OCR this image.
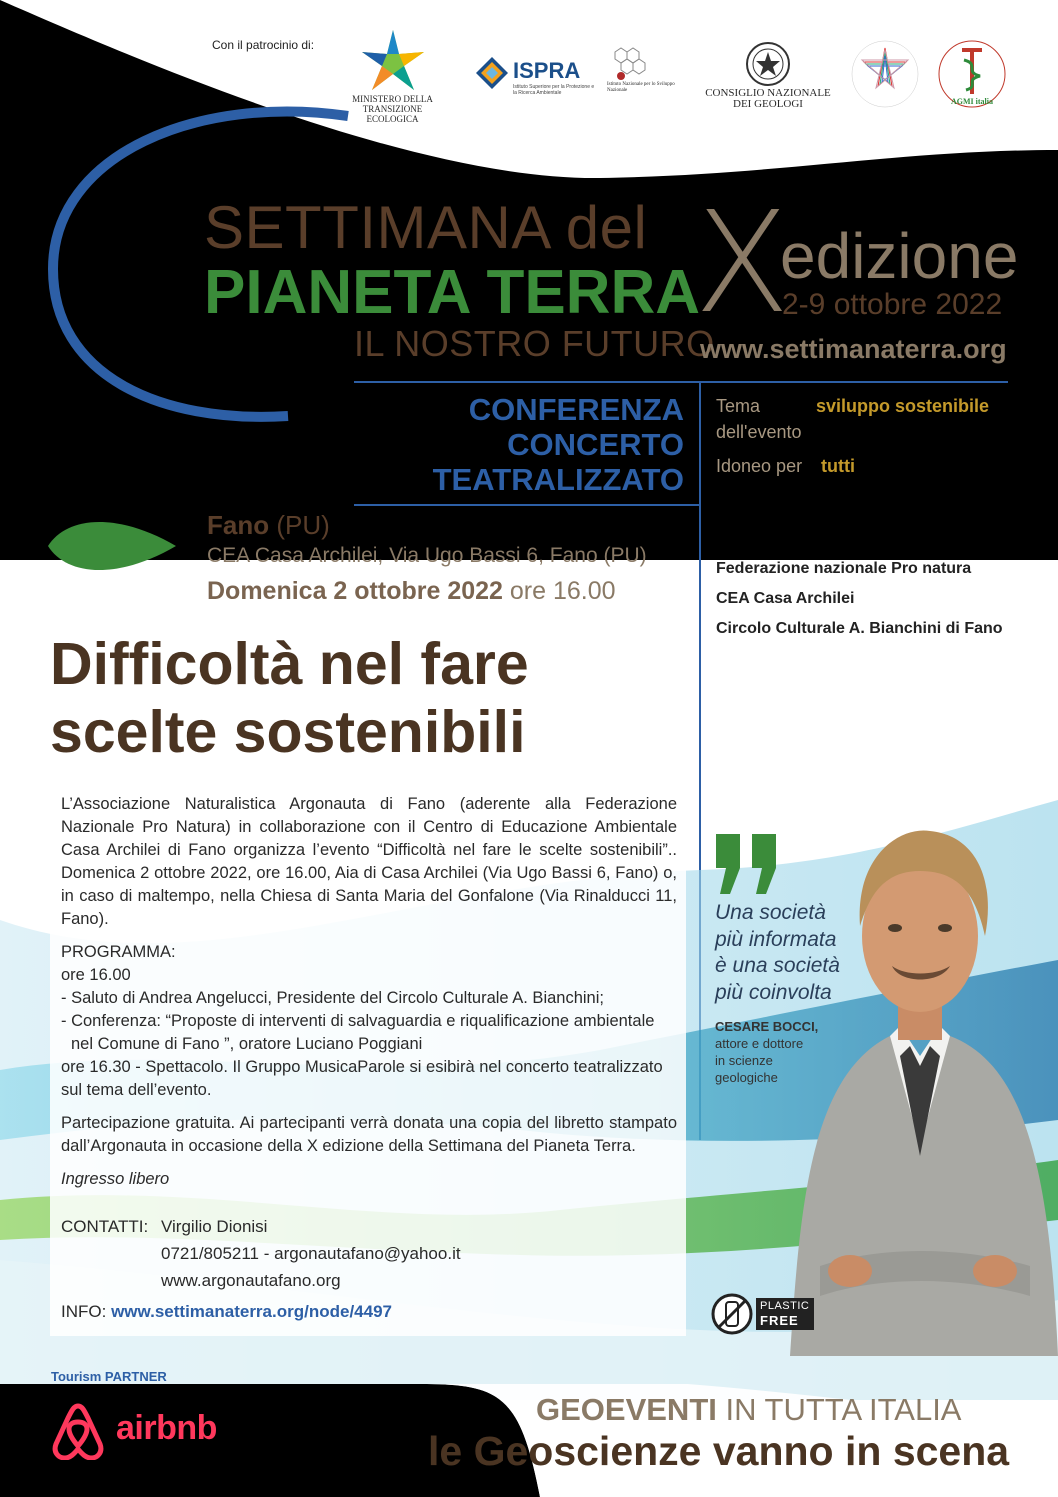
Con il patrocinio di:
MINISTERO DELLA
TRANSIZIONE ECOLOGICA
ISPRA
Istituto Superiore per la Protezione e la Ricerca Ambientale
Istituto Nazionale per lo Sviluppo Nazionale	CONSIGLIO NAZIONALE
DEI GEOLOGI	AGMI italia
SETTIMANA del
PIANETA TERRA
IL NOSTRO FUTURO
X
edizione
2-9 ottobre 2022
www.settimanaterra.org
CONFERENZA
CONCERTO
TEATRALIZZATO
Tema dell'evento sviluppo sostenibile
Idoneo per tutti
Fano (PU)
CEA Casa Archilei, Via Ugo Bassi 6, Fano (PU)
Domenica 2 ottobre 2022 ore 16.00
Federazione nazionale Pro natura
CEA Casa Archilei
Circolo Culturale A. Bianchini di Fano
Difficoltà nel fare
scelte sostenibili

L’Associazione Naturalistica Argonauta di Fano (aderente alla Federazione Nazionale Pro Natura) in collaborazione con il Centro di Educazione Ambientale Casa Archilei di Fano organizza l’evento “Difficoltà nel fare le scelte sostenibili”.. Domenica 2 ottobre 2022, ore 16.00, Aia di Casa Archilei (Via Ugo Bassi 6, Fano) o, in caso di maltempo, nella Chiesa di Santa Maria del Gonfalone (Via Rinalducci 11, Fano).

PROGRAMMA:
ore 16.00
- Saluto di Andrea Angelucci, Presidente del Circolo Culturale A. Bianchini;
- Conferenza: “Proposte di interventi di salvaguardia e riqualificazione ambientale
nel Comune di Fano ”, oratore Luciano Poggiani
ore 16.30 - Spettacolo. Il Gruppo MusicaParole si esibirà nel concerto teatralizzato sul tema dell’evento.

Partecipazione gratuita. Ai partecipanti verrà donata una copia del libretto stampato dall’Argonauta in occasione della X edizione della Settimana del Pianeta Terra.

Ingresso libero

CONTATTI: Virgilio Dionisi
0721/805211 - argonautafano@yahoo.it
www.argonautafano.org
INFO: www.settimanaterra.org/node/4497
Una società
più informata
è una società
più coinvolta
CESARE BOCCI,
attore e dottore
in scienze
geologiche
PLASTIC
FREE
Tourism PARTNER
airbnb	GEOEVENTI IN TUTTA ITALIA
le Geoscienze vanno in scena
